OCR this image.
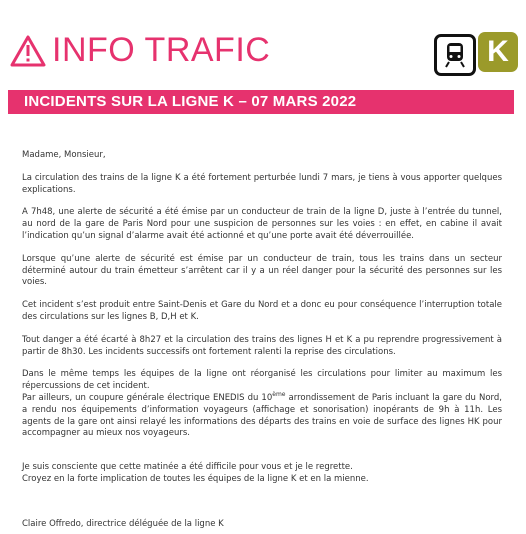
INFO TRAFIC	K
INCIDENTS SUR LA LIGNE K – 07 MARS 2022

Madame, Monsieur,

La circulation des trains de la ligne K a été fortement perturbée lundi 7 mars, je tiens à vous apporter quelques explications.

A 7h48, une alerte de sécurité a été émise par un conducteur de train de la ligne D, juste à l’entrée du tunnel, au nord de la gare de Paris Nord pour une suspicion de personnes sur les voies : en effet, en cabine il avait l’indication qu’un signal d’alarme avait été actionné et qu’une porte avait été déverrouillée.

Lorsque qu’une alerte de sécurité est émise par un conducteur de train, tous les trains dans un secteur déterminé autour du train émetteur s’arrêtent car il y a un réel danger pour la sécurité des personnes sur les voies.

Cet incident s’est produit entre Saint-Denis et Gare du Nord et a donc eu pour conséquence l’interruption totale des circulations sur les lignes B, D,H et K.

Tout danger a été écarté à 8h27 et la circulation des trains des lignes H et K a pu reprendre progressivement à partir de 8h30. Les incidents successifs ont fortement ralenti la reprise des circulations.

Dans le même temps les équipes de la ligne ont réorganisé les circulations pour limiter au maximum les répercussions de cet incident.

Par ailleurs, un coupure générale électrique ENEDIS du 10ème arrondissement de Paris incluant la gare du Nord, a rendu nos équipements d’information voyageurs (affichage et sonorisation) inopérants de 9h à 11h. Les agents de la gare ont ainsi relayé les informations des départs des trains en voie de surface des lignes HK pour accompagner au mieux nos voyageurs.

Je suis consciente que cette matinée a été difficile pour vous et je le regrette.

Croyez en la forte implication de toutes les équipes de la ligne K et en la mienne.

Claire Offredo, directrice déléguée de la ligne K
